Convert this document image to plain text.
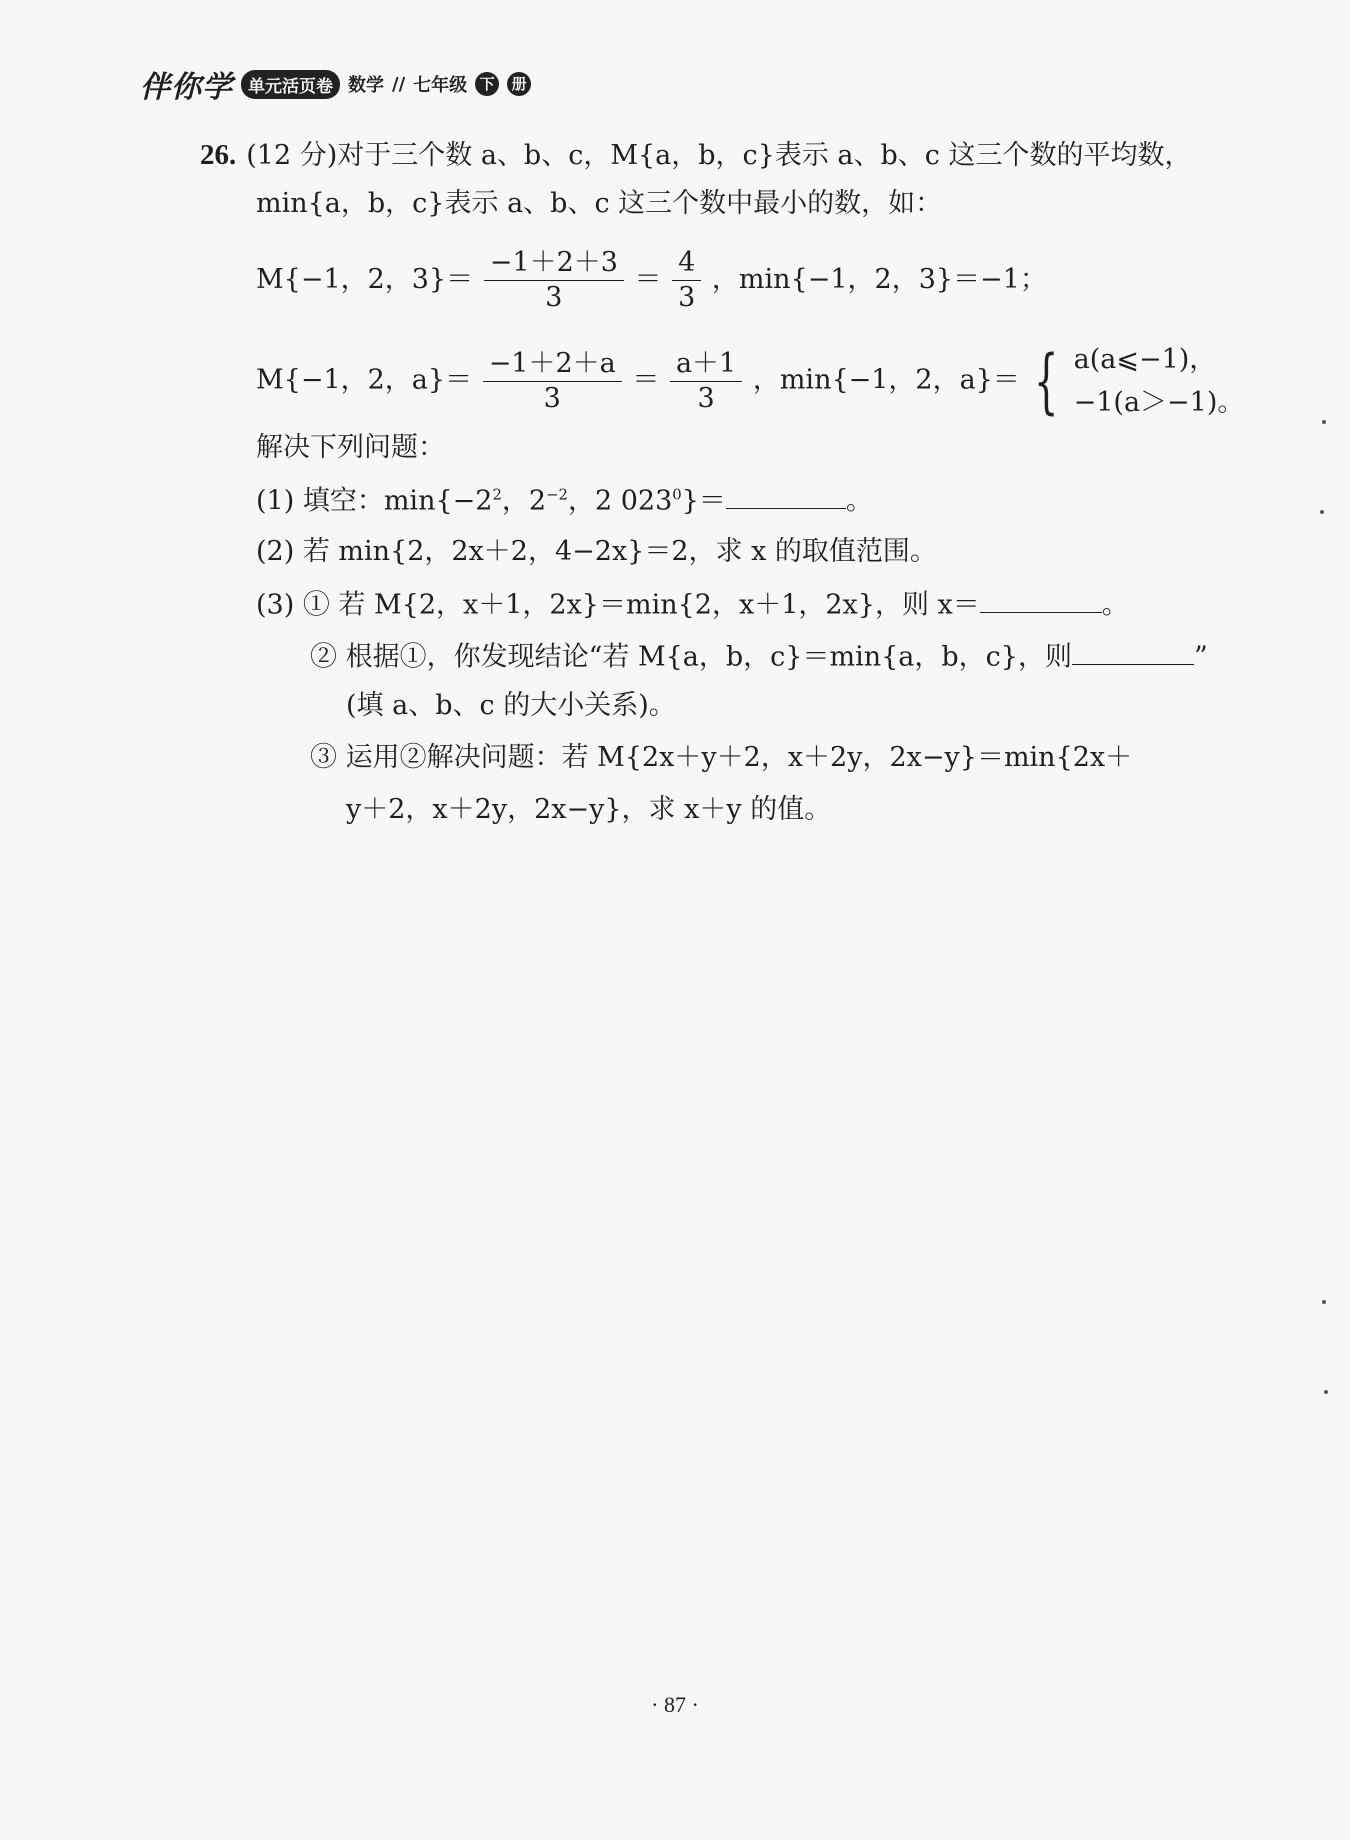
伴你学 单元活页卷 数学 // 七年级 下	册
26. (12 分)对于三个数 a、b、c，M{a，b，c}表示 a、b、c 这三个数的平均数，
min{a，b，c}表示 a、b、c 这三个数中最小的数，如：
M{−1，2，$3\}= \frac{-1+2+3}{3} = \frac{4}{3}$ ，min{−1，2，3}＝−1；
M{−1，2，$a\}= \frac{-1+2+a}{3} = \frac{a+1}{3}$ ，min{−1，2，a}＝ { a(a⩽−1)，
−1(a＞−1)。
解决下列问题：
(1) 填空：$\min\{-2^2$，$2^{-2}$，2 $023^0\}=$	。
(2) 若 min{2，2x＋2，4−2x}＝2，求 x 的取值范围。
(3) ① 若 M{2，x＋1，2x}＝min{2，x＋1，2x}，则 x＝	。
② 根据①，你发现结论“若 M{a，b，c}＝min{a，b，c}，则	”
(填 a、b、c 的大小关系)。
③ 运用②解决问题：若 M{2x＋y＋2，x＋2y，2x−y}＝min{2x＋
y＋2，x＋2y，2x−y}，求 x＋y 的值。
· 87 ·
